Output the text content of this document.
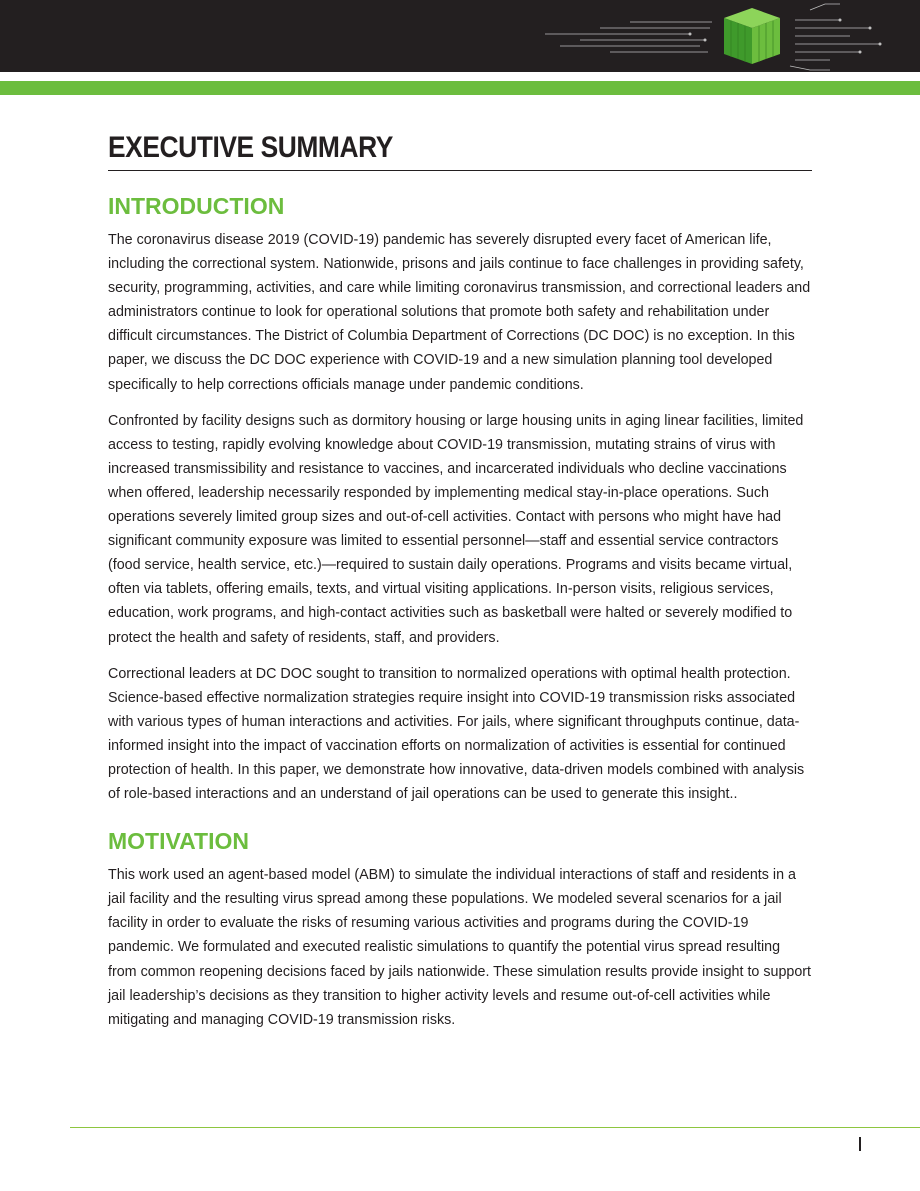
EXECUTIVE SUMMARY
INTRODUCTION

The coronavirus disease 2019 (COVID-19) pandemic has severely disrupted every facet of American life, including the correctional system. Nationwide, prisons and jails continue to face challenges in providing safety, security, programming, activities, and care while limiting coronavirus transmission, and correctional leaders and administrators continue to look for operational solutions that promote both safety and rehabilitation under difficult circumstances. The District of Columbia Department of Corrections (DC DOC) is no exception. In this paper, we discuss the DC DOC experience with COVID-19 and a new simulation planning tool developed specifically to help corrections officials manage under pandemic conditions.

Confronted by facility designs such as dormitory housing or large housing units in aging linear facilities, limited access to testing, rapidly evolving knowledge about COVID-19 transmission, mutating strains of virus with increased transmissibility and resistance to vaccines, and incarcerated individuals who decline vaccinations when offered, leadership necessarily responded by implementing medical stay-in-place operations. Such operations severely limited group sizes and out-of-cell activities. Contact with persons who might have had significant community exposure was limited to essential personnel—staff and essential service contractors (food service, health service, etc.)—required to sustain daily operations. Programs and visits became virtual, often via tablets, offering emails, texts, and virtual visiting applications. In-person visits, religious services, education, work programs, and high-contact activities such as basketball were halted or severely modified to protect the health and safety of residents, staff, and providers.

Correctional leaders at DC DOC sought to transition to normalized operations with optimal health protection. Science-based effective normalization strategies require insight into COVID-19 transmission risks associated with various types of human interactions and activities. For jails, where significant throughputs continue, data-informed insight into the impact of vaccination efforts on normalization of activities is essential for continued protection of health. In this paper, we demonstrate how innovative, data-driven models combined with analysis of role-based interactions and an understand of jail operations can be used to generate this insight..

MOTIVATION

This work used an agent-based model (ABM) to simulate the individual interactions of staff and residents in a jail facility and the resulting virus spread among these populations. We modeled several scenarios for a jail facility in order to evaluate the risks of resuming various activities and programs during the COVID-19 pandemic. We formulated and executed realistic simulations to quantify the potential virus spread resulting from common reopening decisions faced by jails nationwide. These simulation results provide insight to support jail leadership’s decisions as they transition to higher activity levels and resume out-of-cell activities while mitigating and managing COVID-19 transmission risks.
